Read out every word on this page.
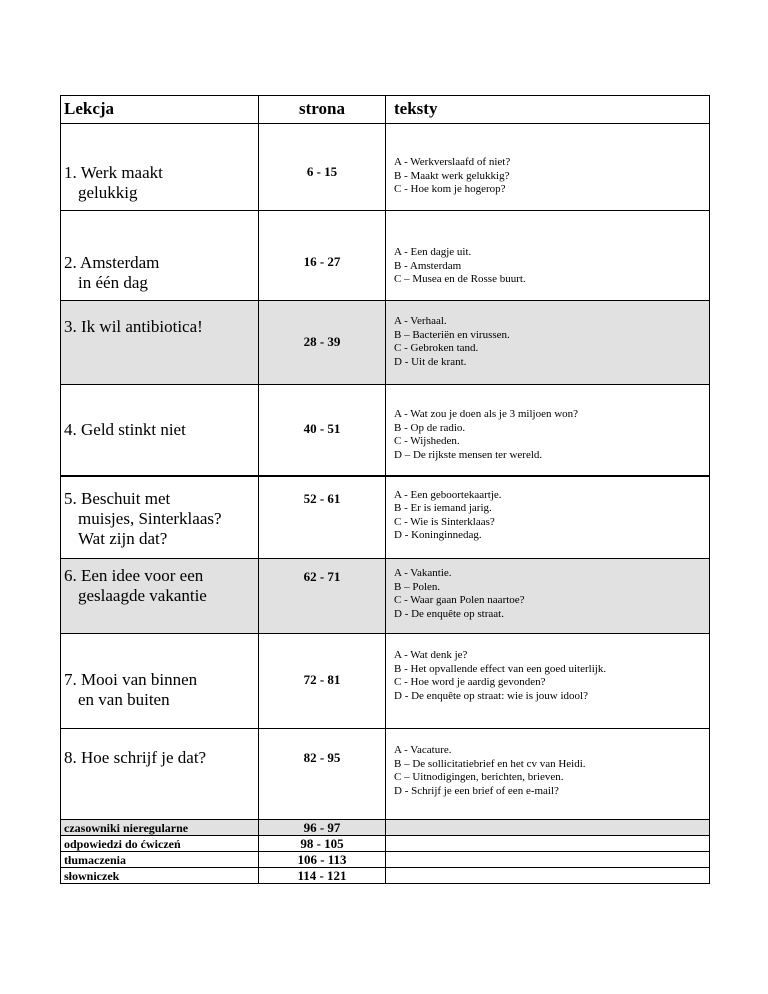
Lekcja	strona	teksty

1. Werk maakt
gelukkig	6 - 15	A - Werkverslaafd of niet?
B - Maakt werk gelukkig?
C - Hoe kom je hogerop?

2. Amsterdam
in één dag	16 - 27	A - Een dagje uit.
B - Amsterdam
C – Musea en de Rosse buurt.

3. Ik wil antibiotica!	28 - 39	A - Verhaal.
B – Bacteriën en virussen.
C - Gebroken tand.
D - Uit de krant.

4. Geld stinkt niet	40 - 51	A - Wat zou je doen als je 3 miljoen won?
B - Op de radio.
C - Wijsheden.
D – De rijkste mensen ter wereld.

5. Beschuit met
muisjes, Sinterklaas?
Wat zijn dat?	52 - 61	A - Een geboortekaartje.
B - Er is iemand jarig.
C - Wie is Sinterklaas?
D - Koninginnedag.

6. Een idee voor een
geslaagde vakantie	62 - 71	A - Vakantie.
B – Polen.
C - Waar gaan Polen naartoe?
D - De enquête op straat.

7. Mooi van binnen
en van buiten	72 - 81	A - Wat denk je?
B - Het opvallende effect van een goed uiterlijk.
C - Hoe word je aardig gevonden?
D - De enquête op straat: wie is jouw idool?

8. Hoe schrijf je dat?	82 - 95	A - Vacature.
B – De sollicitatiebrief en het cv van Heidi.
C – Uitnodigingen, berichten, brieven.
D - Schrijf je een brief of een e-mail?

czasowniki nieregularne	96 - 97	
odpowiedzi do ćwiczeń	98 - 105	
tłumaczenia	106 - 113	
słowniczek	114 - 121	
